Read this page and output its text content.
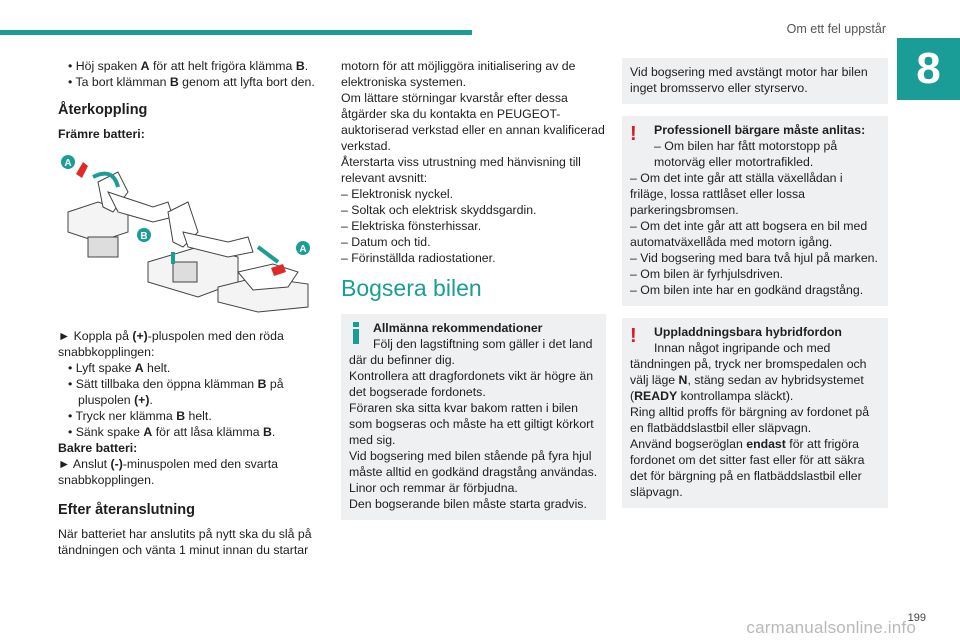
Om ett fel uppstår
8

• Höj spaken A för att helt frigöra klämma B.

• Ta bort klämman B genom att lyfta bort den.

Återkoppling
Främre batteri:
A
B
A

► Koppla på (+)-pluspolen med den röda snabbkopplingen:

• Lyft spake A helt.

• Sätt tillbaka den öppna klämman B på pluspolen (+).

• Tryck ner klämma B helt.

• Sänk spake A för att låsa klämma B.

Bakre batteri:

► Anslut (-)-minuspolen med den svarta snabbkopplingen.

Efter återanslutning

När batteriet har anslutits på nytt ska du slå på tändningen och vänta 1 minut innan du startar

motorn för att möjliggöra initialisering av de elektroniska systemen.

Om lättare störningar kvarstår efter dessa åtgärder ska du kontakta en PEUGEOT-auktoriserad verkstad eller en annan kvalificerad verkstad.

Återstarta viss utrustning med hänvisning till relevant avsnitt:

– Elektronisk nyckel.

– Soltak och elektrisk skyddsgardin.

– Elektriska fönsterhissar.

– Datum och tid.

– Förinställda radiostationer.

Bogsera bilen
Allmänna rekommendationer
Följ den lagstiftning som gäller i det land där du befinner dig.

Kontrollera att dragfordonets vikt är högre än det bogserade fordonets.

Föraren ska sitta kvar bakom ratten i bilen som bogseras och måste ha ett giltigt körkort med sig.

Vid bogsering med bilen stående på fyra hjul måste alltid en godkänd dragstång användas.

Linor och remmar är förbjudna.

Den bogserande bilen måste starta gradvis.

Vid bogsering med avstängt motor har bilen inget bromsservo eller styrservo.

!	Professionell bärgare måste anlitas:
– Om bilen har fått motorstopp på motorväg eller motortrafikled.

– Om det inte går att ställa växellådan i friläge, lossa rattlåset eller lossa parkeringsbromsen.

– Om det inte går att att bogsera en bil med automatväxellåda med motorn igång.

– Vid bogsering med bara två hjul på marken.

– Om bilen är fyrhjulsdriven.

– Om bilen inte har en godkänd dragstång.

!	Uppladdningsbara hybridfordon

Innan något ingripande och med tändningen på, tryck ner bromspedalen och välj läge N, stäng sedan av hybridsystemet (READY kontrollampa släckt).

Ring alltid proffs för bärgning av fordonet på en flatbäddslastbil eller släpvagn.

Använd bogseröglan endast för att frigöra fordonet om det sitter fast eller för att säkra det för bärgning på en flatbäddslastbil eller släpvagn.

199
carmanualsonline.info
